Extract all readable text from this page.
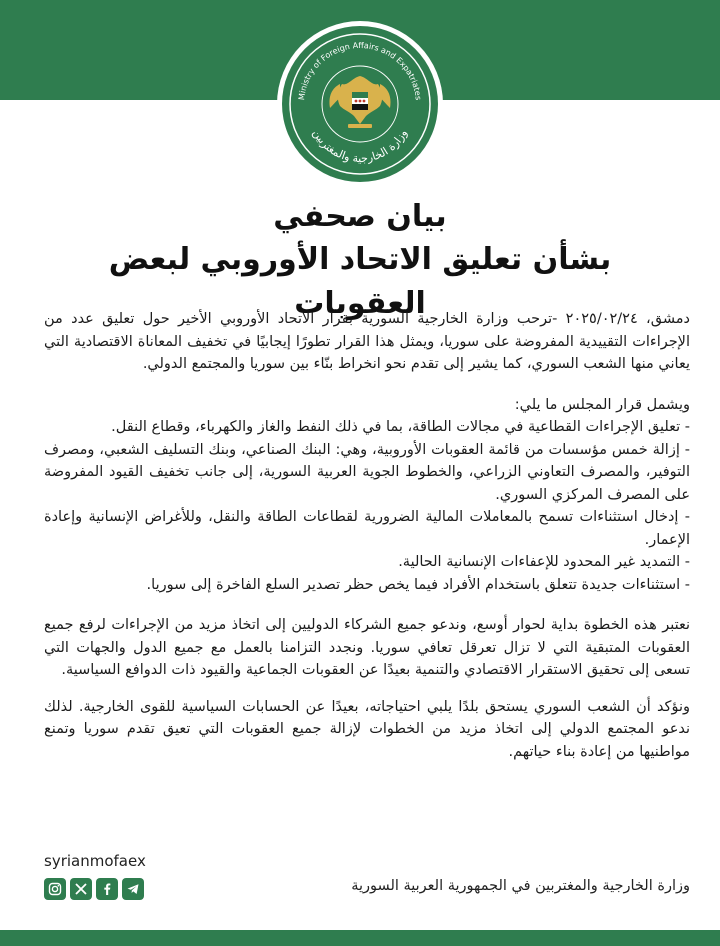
Ministry of Foreign Affairs and Expatriates
وزارة الخارجية والمغتربين
بيان صحفي
بشأن تعليق الاتحاد الأوروبي لبعض العقوبات

دمشق، ٢٠٢٥/٠٢/٢٤ -ترحب وزارة الخارجية السورية بقرار الاتحاد الأوروبي الأخير حول تعليق عدد من الإجراءات التقييدية المفروضة على سوريا، ويمثل هذا القرار تطورًا إيجابيًا في تخفيف المعاناة الاقتصادية التي يعاني منها الشعب السوري، كما يشير إلى تقدم نحو انخراط بنّاء بين سوريا والمجتمع الدولي.

ويشمل قرار المجلس ما يلي:

- تعليق الإجراءات القطاعية في مجالات الطاقة، بما في ذلك النفط والغاز والكهرباء، وقطاع النقل.

- إزالة خمس مؤسسات من قائمة العقوبات الأوروبية، وهي: البنك الصناعي، وبنك التسليف الشعبي، ومصرف التوفير، والمصرف التعاوني الزراعي، والخطوط الجوية العربية السورية، إلى جانب تخفيف القيود المفروضة على المصرف المركزي السوري.

- إدخال استثناءات تسمح بالمعاملات المالية الضرورية لقطاعات الطاقة والنقل، وللأغراض الإنسانية وإعادة الإعمار.

- التمديد غير المحدود للإعفاءات الإنسانية الحالية.

- استثناءات جديدة تتعلق باستخدام الأفراد فيما يخص حظر تصدير السلع الفاخرة إلى سوريا.

نعتبر هذه الخطوة بداية لحوار أوسع، وندعو جميع الشركاء الدوليين إلى اتخاذ مزيد من الإجراءات لرفع جميع العقوبات المتبقية التي لا تزال تعرقل تعافي سوريا. ونجدد التزامنا بالعمل مع جميع الدول والجهات التي تسعى إلى تحقيق الاستقرار الاقتصادي والتنمية بعيدًا عن العقوبات الجماعية والقيود ذات الدوافع السياسية.

ونؤكد أن الشعب السوري يستحق بلدًا يلبي احتياجاته، بعيدًا عن الحسابات السياسية للقوى الخارجية. لذلك ندعو المجتمع الدولي إلى اتخاذ مزيد من الخطوات لإزالة جميع العقوبات التي تعيق تقدم سوريا وتمنع مواطنيها من إعادة بناء حياتهم.

syrianmofaex
وزارة الخارجية والمغتربين في الجمهورية العربية السورية
